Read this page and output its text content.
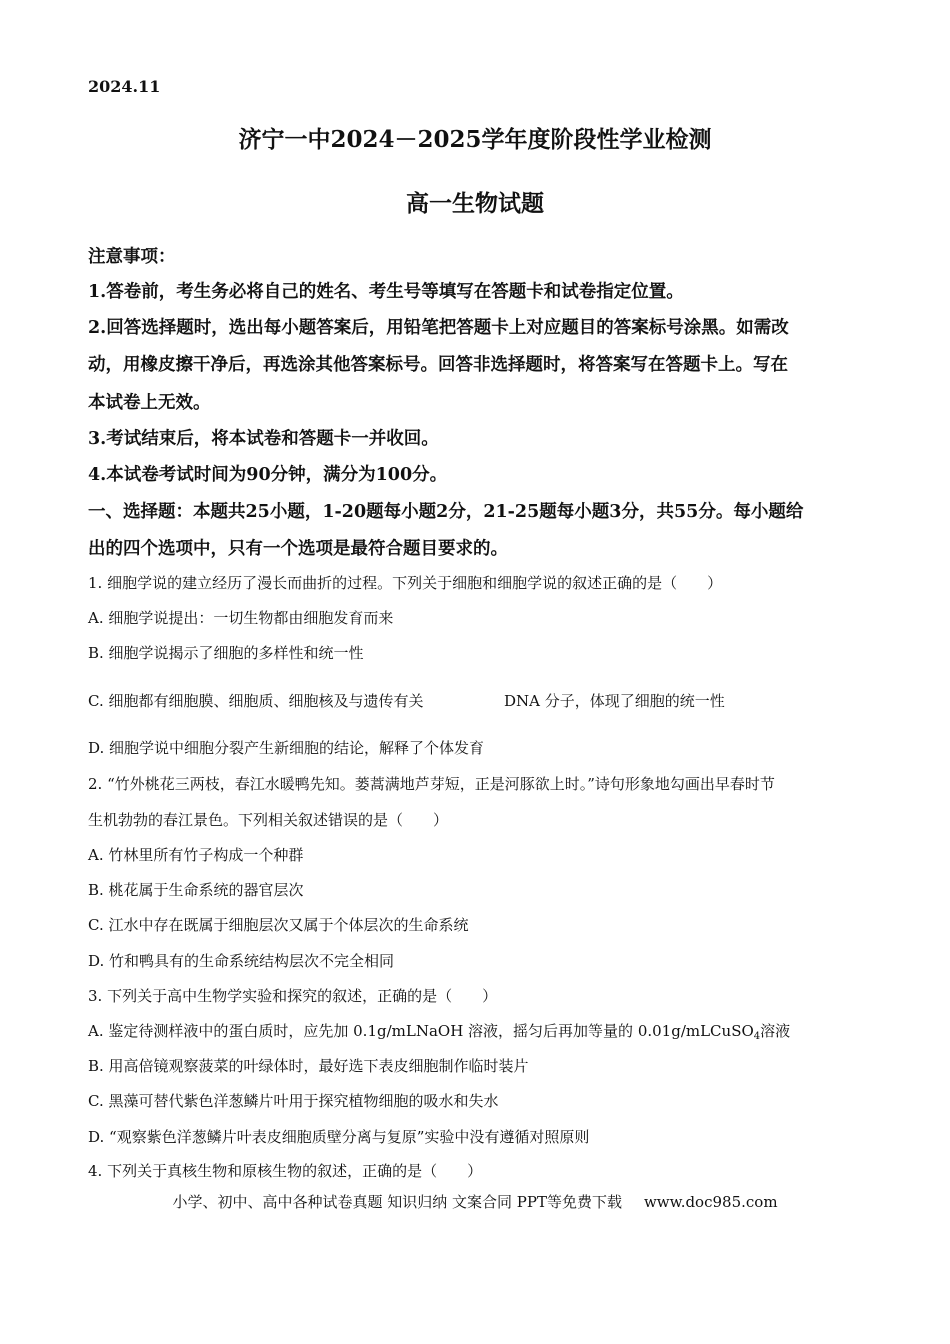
2024.11
济宁一中2024－2025学年度阶段性学业检测
高一生物试题
注意事项：
1.答卷前，考生务必将自己的姓名、考生号等填写在答题卡和试卷指定位置。
2.回答选择题时，选出每小题答案后，用铅笔把答题卡上对应题目的答案标号涂黑。如需改
动，用橡皮擦干净后，再选涂其他答案标号。回答非选择题时，将答案写在答题卡上。写在
本试卷上无效。
3.考试结束后，将本试卷和答题卡一并收回。
4.本试卷考试时间为90分钟，满分为100分。
一、选择题：本题共25小题，1-20题每小题2分，21-25题每小题3分，共55分。每小题给
出的四个选项中，只有一个选项是最符合题目要求的。
1. 细胞学说的建立经历了漫长而曲折的过程。下列关于细胞和细胞学说的叙述正确的是（　　）
A. 细胞学说提出：一切生物都由细胞发育而来
B. 细胞学说揭示了细胞的多样性和统一性
C. 细胞都有细胞膜、细胞质、细胞核及与遗传有关	DNA 分子，体现了细胞的统一性
D. 细胞学说中细胞分裂产生新细胞的结论，解释了个体发育
2. “竹外桃花三两枝，春江水暖鸭先知。蒌蒿满地芦芽短，正是河豚欲上时。”诗句形象地勾画出早春时节
生机勃勃的春江景色。下列相关叙述错误的是（　　）
A. 竹林里所有竹子构成一个种群
B. 桃花属于生命系统的器官层次
C. 江水中存在既属于细胞层次又属于个体层次的生命系统
D. 竹和鸭具有的生命系统结构层次不完全相同
3. 下列关于高中生物学实验和探究的叙述，正确的是（　　）
A. 鉴定待测样液中的蛋白质时，应先加 0.1g/mLNaOH 溶液，摇匀后再加等量的 0.01g/mLCuSO$_4$溶液
B. 用高倍镜观察菠菜的叶绿体时，最好选下表皮细胞制作临时装片
C. 黑藻可替代紫色洋葱鳞片叶用于探究植物细胞的吸水和失水
D. “观察紫色洋葱鳞片叶表皮细胞质壁分离与复原”实验中没有遵循对照原则
4. 下列关于真核生物和原核生物的叙述，正确的是（　　）
小学、初中、高中各种试卷真题 知识归纳 文案合同 PPT等免费下载 www.doc985.com
